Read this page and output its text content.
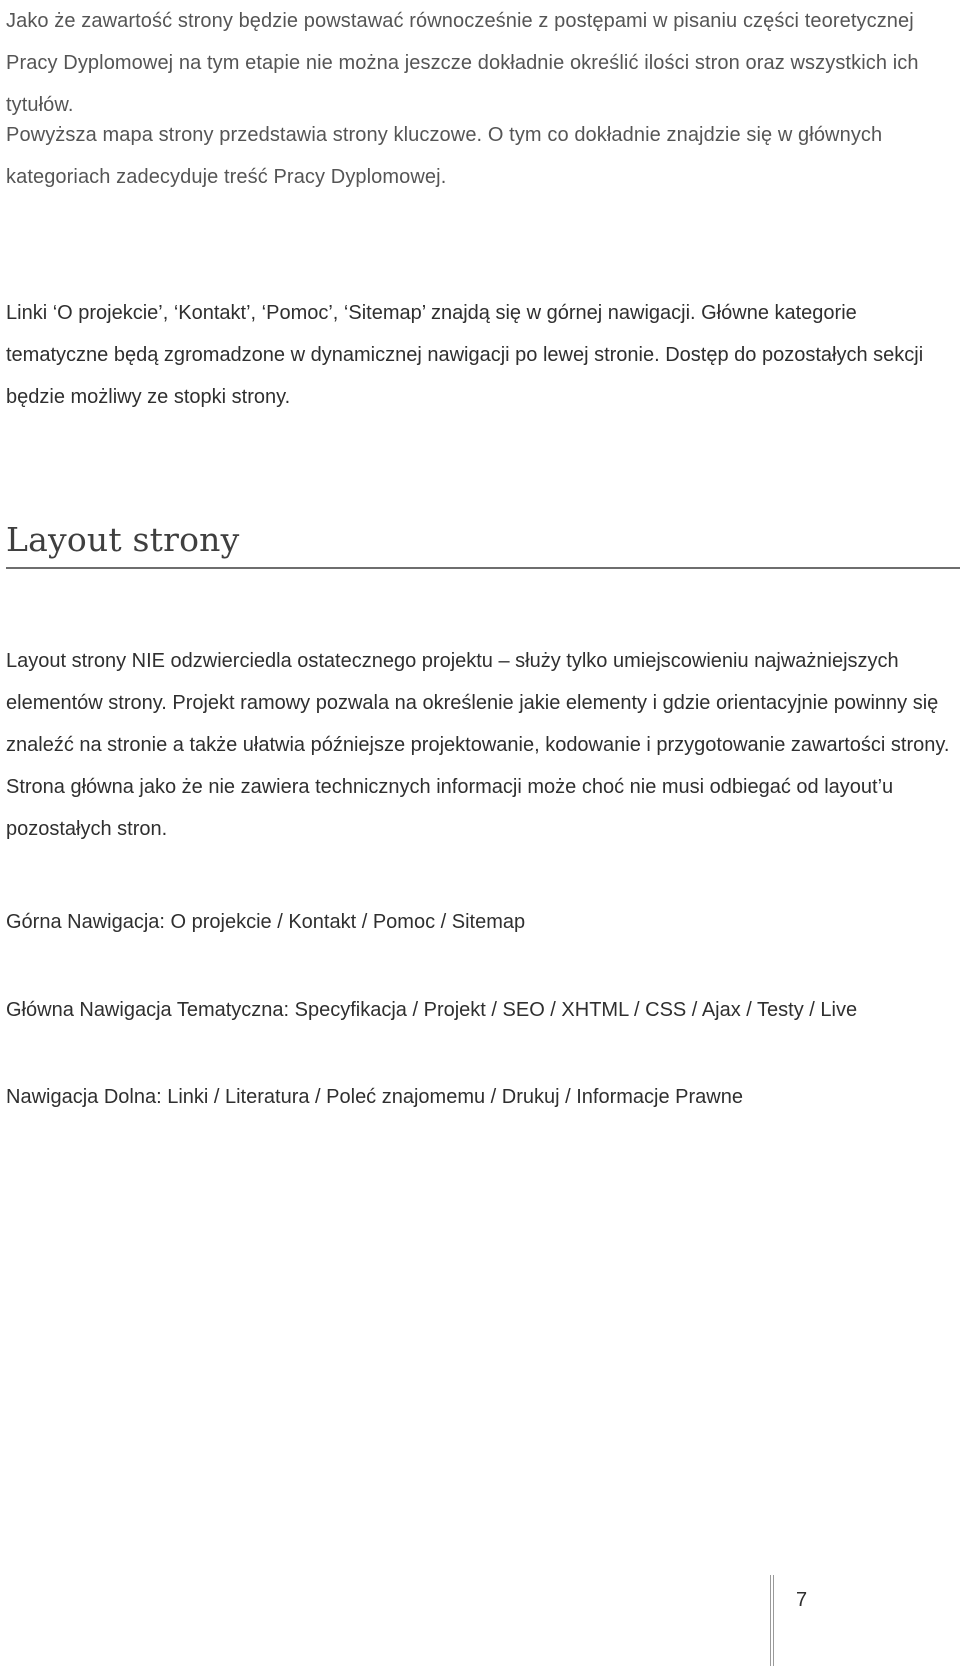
Jako że zawartość strony będzie powstawać równocześnie z postępami w pisaniu części teoretycznej Pracy Dyplomowej na tym etapie nie można jeszcze dokładnie określić ilości stron oraz wszystkich ich tytułów.

Powyższa mapa strony przedstawia strony kluczowe. O tym co dokładnie znajdzie się w głównych kategoriach zadecyduje treść Pracy Dyplomowej.

Linki ‘O projekcie’, ‘Kontakt’, ‘Pomoc’, ‘Sitemap’ znajdą się w górnej nawigacji. Główne kategorie tematyczne będą zgromadzone w dynamicznej nawigacji po lewej stronie. Dostęp do pozostałych sekcji będzie możliwy ze stopki strony.

Layout strony

Layout strony NIE odzwierciedla ostatecznego projektu – służy tylko umiejscowieniu najważniejszych elementów strony. Projekt ramowy pozwala na określenie jakie elementy i gdzie orientacyjnie powinny się znaleźć na stronie a także ułatwia późniejsze projektowanie, kodowanie i przygotowanie zawartości strony. Strona główna jako że nie zawiera technicznych informacji może choć nie musi odbiegać od layout’u pozostałych stron.

Górna Nawigacja: O projekcie / Kontakt / Pomoc / Sitemap

Główna Nawigacja Tematyczna: Specyfikacja / Projekt / SEO / XHTML / CSS / Ajax / Testy / Live

Nawigacja Dolna: Linki / Literatura / Poleć znajomemu / Drukuj / Informacje Prawne

7
